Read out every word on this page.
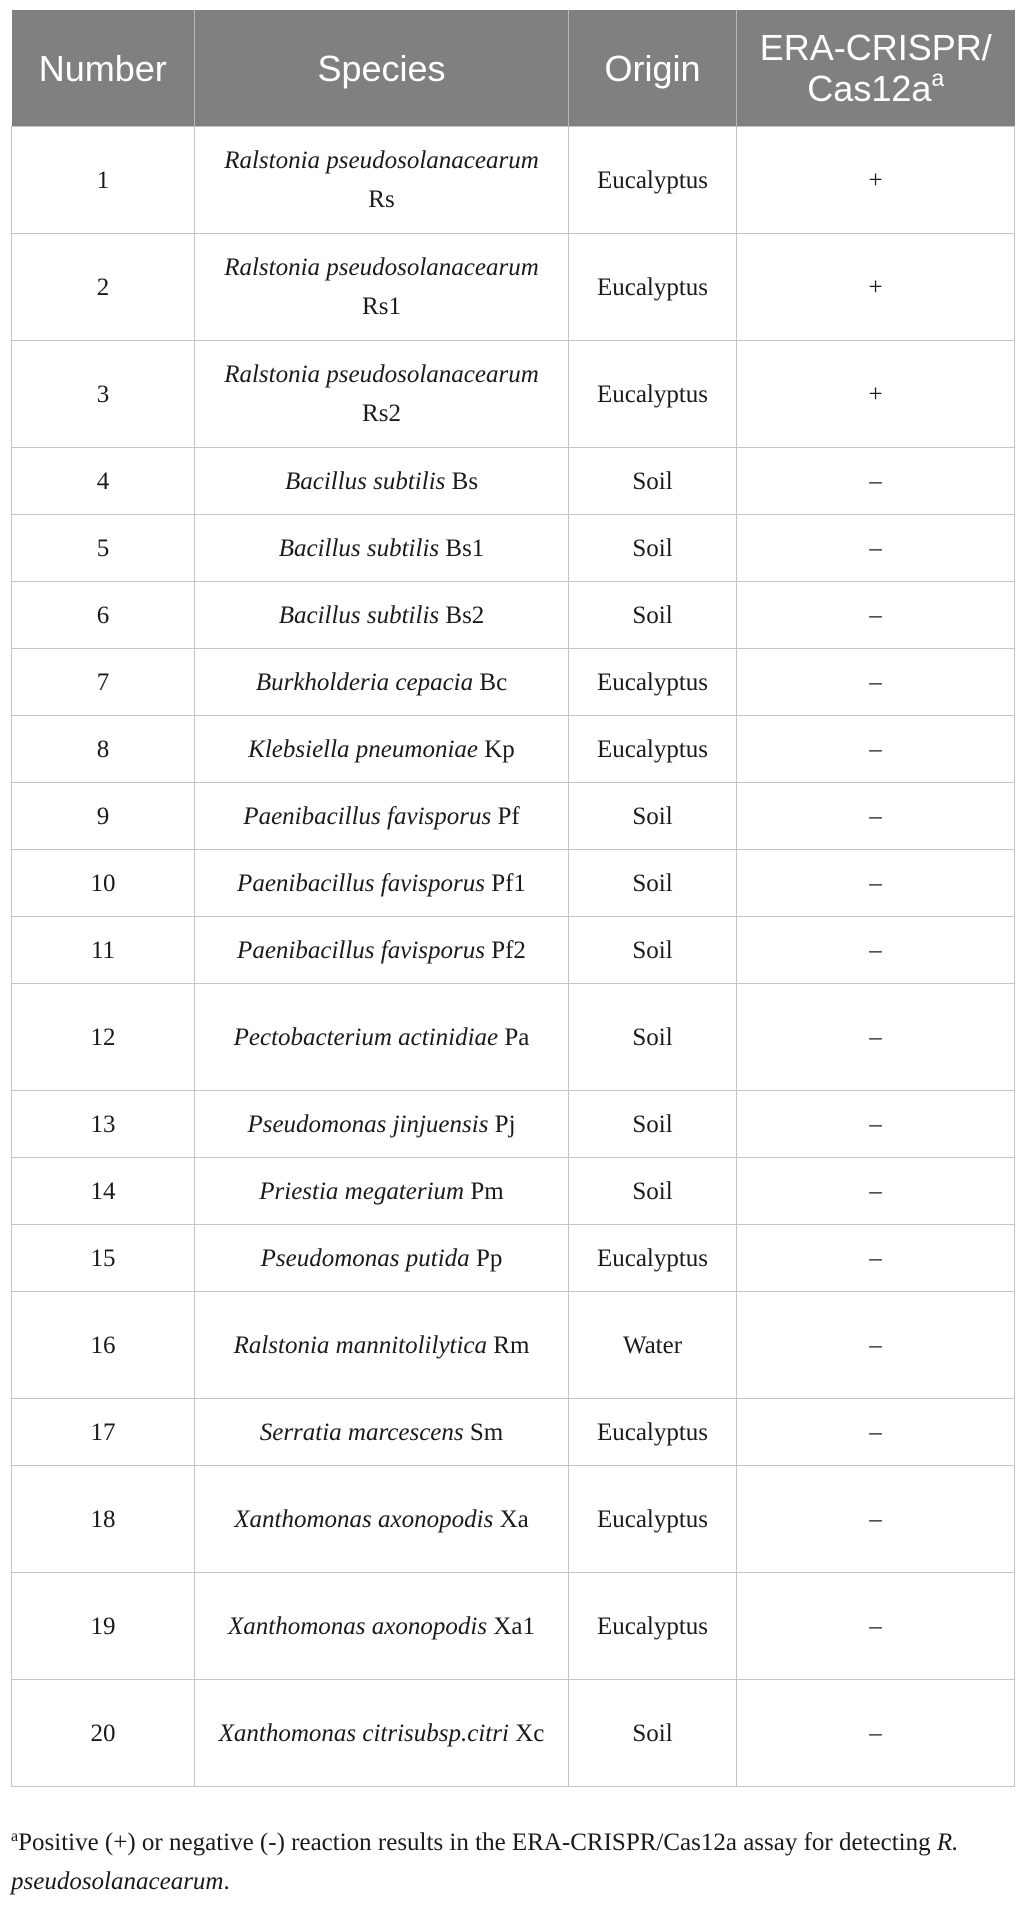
Number	Species	Origin	ERA-CRISPR/ $Cas12a^a$
1	Ralstonia pseudosolanacearum Rs	Eucalyptus	+
2	Ralstonia pseudosolanacearum Rs1	Eucalyptus	+
3	Ralstonia pseudosolanacearum Rs2	Eucalyptus	+
4	Bacillus subtilis Bs	Soil	–
5	Bacillus subtilis Bs1	Soil	–
6	Bacillus subtilis Bs2	Soil	–
7	Burkholderia cepacia Bc	Eucalyptus	–
8	Klebsiella pneumoniae Kp	Eucalyptus	–
9	Paenibacillus favisporus Pf	Soil	–
10	Paenibacillus favisporus Pf1	Soil	–
11	Paenibacillus favisporus Pf2	Soil	–
12	Pectobacterium actinidiae Pa	Soil	–
13	Pseudomonas jinjuensis Pj	Soil	–
14	Priestia megaterium Pm	Soil	–
15	Pseudomonas putida Pp	Eucalyptus	–
16	Ralstonia mannitolilytica Rm	Water	–
17	Serratia marcescens Sm	Eucalyptus	–
18	Xanthomonas axonopodis Xa	Eucalyptus	–
19	Xanthomonas axonopodis Xa1	Eucalyptus	–
20	Xanthomonas citrisubsp.citri Xc	Soil	–
$^a$Positive (+) or negative (-) reaction results in the ERA-CRISPR/Cas12a assay for detecting R. pseudosolanacearum.
